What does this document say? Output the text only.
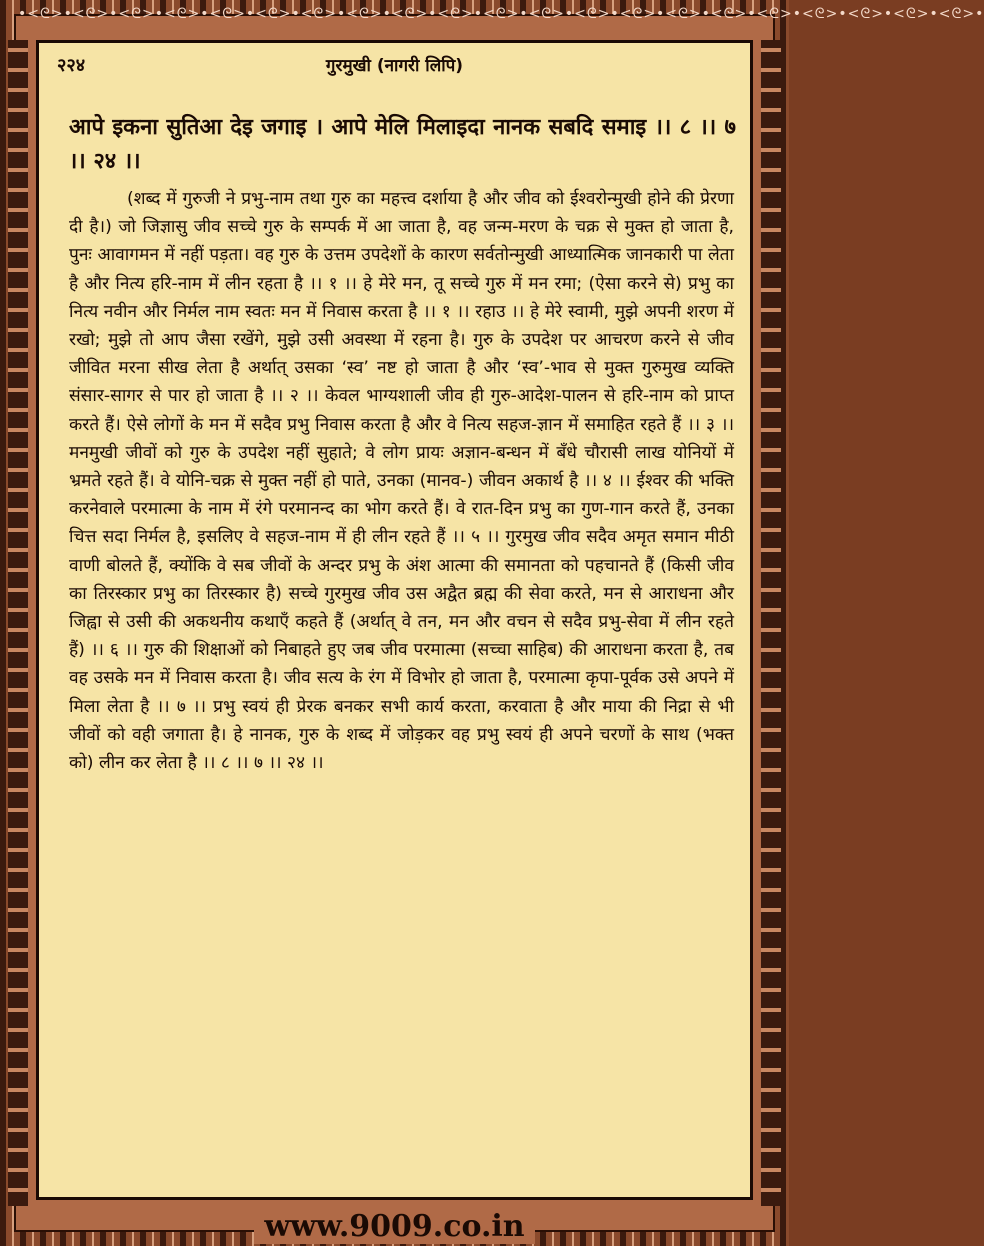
•<ᘓ>•<ᘓ>•<ᘓ>•<ᘓ>•<ᘓ>•<ᘓ>•<ᘓ>•<ᘓ>•<ᘓ>•<ᘓ>•<ᘓ>•<ᘓ>•<ᘓ>•<ᘓ>•<ᘓ>•<ᘓ>•<ᘓ>•<ᘓ>•<ᘓ>•<ᘓ>•<ᘓ>•
www.9009.co.in
२२४	गुरमुखी (नागरी लिपि)
आपे इकना सुतिआ देइ जगाइ । आपे मेलि मिलाइदा नानक सबदि समाइ ।। ८ ।। ७ ।। २४ ।।
(शब्द में गुरुजी ने प्रभु-नाम तथा गुरु का महत्त्व दर्शाया है और जीव को ईश्वरोन्मुखी होने की प्रेरणा दी है।) जो जिज्ञासु जीव सच्चे गुरु के सम्पर्क में आ जाता है, वह जन्म-मरण के चक्र से मुक्त हो जाता है, पुनः आवागमन में नहीं पड़ता। वह गुरु के उत्तम उपदेशों के कारण सर्वतोन्मुखी आध्यात्मिक जानकारी पा लेता है और नित्य हरि-नाम में लीन रहता है ।। १ ।। हे मेरे मन, तू सच्चे गुरु में मन रमा; (ऐसा करने से) प्रभु का नित्य नवीन और निर्मल नाम स्वतः मन में निवास करता है ।। १ ।। रहाउ ।। हे मेरे स्वामी, मुझे अपनी शरण में रखो; मुझे तो आप जैसा रखेंगे, मुझे उसी अवस्था में रहना है। गुरु के उपदेश पर आचरण करने से जीव जीवित मरना सीख लेता है अर्थात् उसका ‘स्व’ नष्ट हो जाता है और ‘स्व’-भाव से मुक्त गुरुमुख व्यक्ति संसार-सागर से पार हो जाता है ।। २ ।। केवल भाग्यशाली जीव ही गुरु-आदेश-पालन से हरि-नाम को प्राप्त करते हैं। ऐसे लोगों के मन में सदैव प्रभु निवास करता है और वे नित्य सहज-ज्ञान में समाहित रहते हैं ।। ३ ।। मनमुखी जीवों को गुरु के उपदेश नहीं सुहाते; वे लोग प्रायः अज्ञान-बन्धन में बँधे चौरासी लाख योनियों में भ्रमते रहते हैं। वे योनि-चक्र से मुक्त नहीं हो पाते, उनका (मानव-) जीवन अकार्थ है ।। ४ ।। ईश्वर की भक्ति करनेवाले परमात्मा के नाम में रंगे परमानन्द का भोग करते हैं। वे रात-दिन प्रभु का गुण-गान करते हैं, उनका चित्त सदा निर्मल है, इसलिए वे सहज-नाम में ही लीन रहते हैं ।। ५ ।। गुरमुख जीव सदैव अमृत समान मीठी वाणी बोलते हैं, क्योंकि वे सब जीवों के अन्दर प्रभु के अंश आत्मा की समानता को पहचानते हैं (किसी जीव का तिरस्कार प्रभु का तिरस्कार है) सच्चे गुरमुख जीव उस अद्वैत ब्रह्म की सेवा करते, मन से आराधना और जिह्वा से उसी की अकथनीय कथाएँ कहते हैं (अर्थात् वे तन, मन और वचन से सदैव प्रभु-सेवा में लीन रहते हैं) ।। ६ ।। गुरु की शिक्षाओं को निबाहते हुए जब जीव परमात्मा (सच्चा साहिब) की आराधना करता है, तब वह उसके मन में निवास करता है। जीव सत्य के रंग में विभोर हो जाता है, परमात्मा कृपा-पूर्वक उसे अपने में मिला लेता है ।। ७ ।। प्रभु स्वयं ही प्रेरक बनकर सभी कार्य करता, करवाता है और माया की निद्रा से भी जीवों को वही जगाता है। हे नानक, गुरु के शब्द में जोड़कर वह प्रभु स्वयं ही अपने चरणों के साथ (भक्त को) लीन कर लेता है ।। ८ ।। ७ ।। २४ ।।
